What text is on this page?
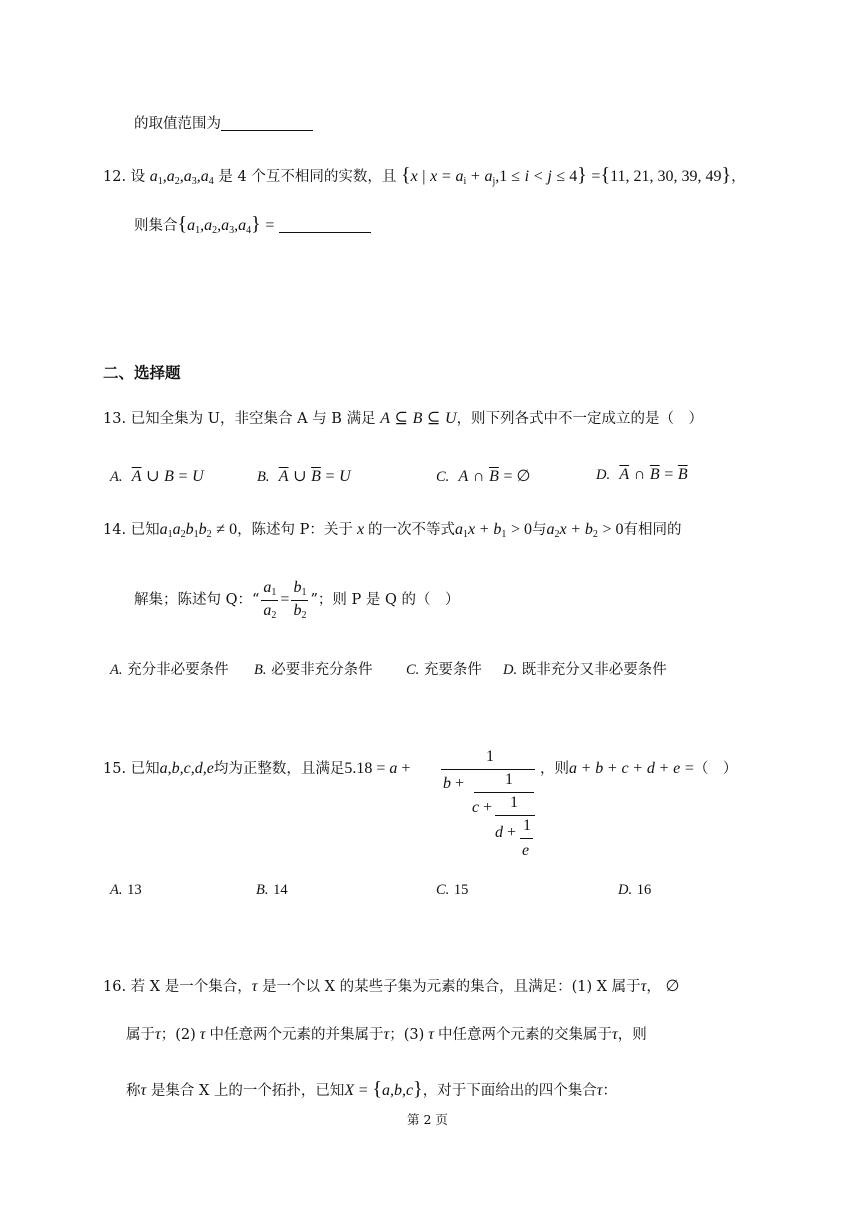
的取值范围为
12. 设 $a_1,a_2,a_3,a_4$ 是 4 个互不相同的实数，且 {x | $x = a_i + a_j,1 \le i < j \le 4\} =\{11$, 21, 30, 39, 49}，
则集合$\{a_1,a_2,a_3,a_4\}$ =
二、选择题
13. 已知全集为 U，非空集合 A 与 B 满足 A ⊆ B ⊆ U，则下列各式中不一定成立的是（　）
A. $\overline{A}$ ∪ B = U	B. $\overline{A}$ ∪ $\overline{B} = U$	C. A ∩ $\overline{B}$ = ∅	D. $\overline{A}$ ∩ $\overline{B} = \overline{B}$
14. 已知$a_1a_2b_1b_2 \ne 0$，陈述句 P：关于 x 的一次不等式$a_1x + b_1 > 0$与$a_2x + b_2 > 0$有相同的
解集；陈述句 Q：“ $\frac{a_1}{a_2} = \frac{b_1}{b_2}$ ”；则 P 是 Q 的（　）
A. 充分非必要条件 B. 必要非充分条件 C. 充要条件 D. 既非充分又非必要条件
15. 已知a,b,c,d,e均为正整数，且满足5.18 = a +
1
b +	1
c + 1
d + 1
e
，则a + b + c + d + e =（　）
A. 13	B. 14	C. 15	D. 16
16. 若 X 是一个集合，τ 是一个以 X 的某些子集为元素的集合，且满足：(1) X 属于τ， ∅
属于τ；(2) τ 中任意两个元素的并集属于τ；(3) τ 中任意两个元素的交集属于τ，则
称τ 是集合 X 上的一个拓扑，已知X = {a,b,c}，对于下面给出的四个集合τ：
第 2 页
